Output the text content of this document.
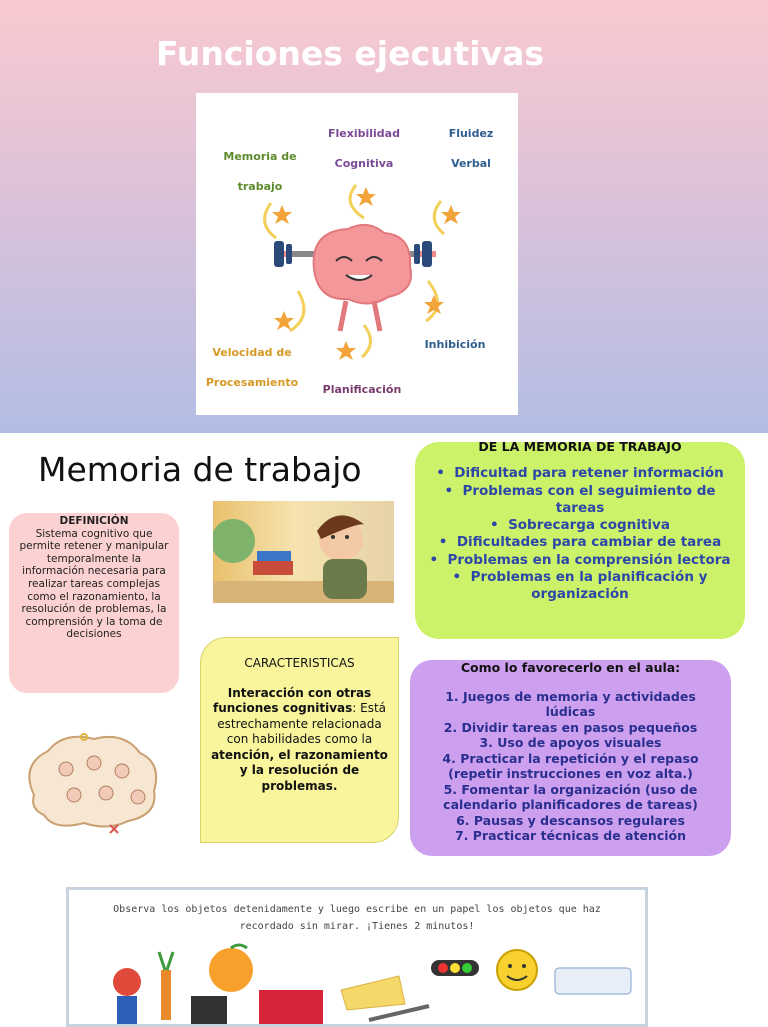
Funciones ejecutivas
Memoria de
trabajo
Flexibilidad
Cognitiva
Fluidez
Verbal
Velocidad de
Procesamiento
Inhibición
Planificación
Memoria de trabajo
DEFINICIÓN
Sistema cognitivo que permite retener y manipular temporalmente la información necesaria para realizar tareas complejas como el razonamiento, la resolución de problemas, la comprensión y la toma de decisiones
CARACTERISTICAS
Interacción con otras funciones cognitivas: Está estrechamente relacionada con habilidades como la atención, el razonamiento y la resolución de problemas.
DE LA MEMORIA DE TRABAJO
•  Dificultad para retener información
•  Problemas con el seguimiento de tareas
•  Sobrecarga cognitiva
•  Dificultades para cambiar de tarea
•  Problemas en la comprensión lectora
•  Problemas en la planificación y organización
Como lo favorecerlo en el aula:
1. Juegos de memoria y actividades lúdicas
2. Dividir tareas en pasos pequeños
3. Uso de apoyos visuales
4. Practicar la repetición y el repaso (repetir instrucciones en voz alta.)
5. Fomentar la organización (uso de calendario planificadores de tareas)
6. Pausas y descansos regulares
7. Practicar técnicas de atención
Observa los objetos detenidamente y luego escribe en un papel los objetos que haz
recordado sin mirar. ¡Tienes 2 minutos!
